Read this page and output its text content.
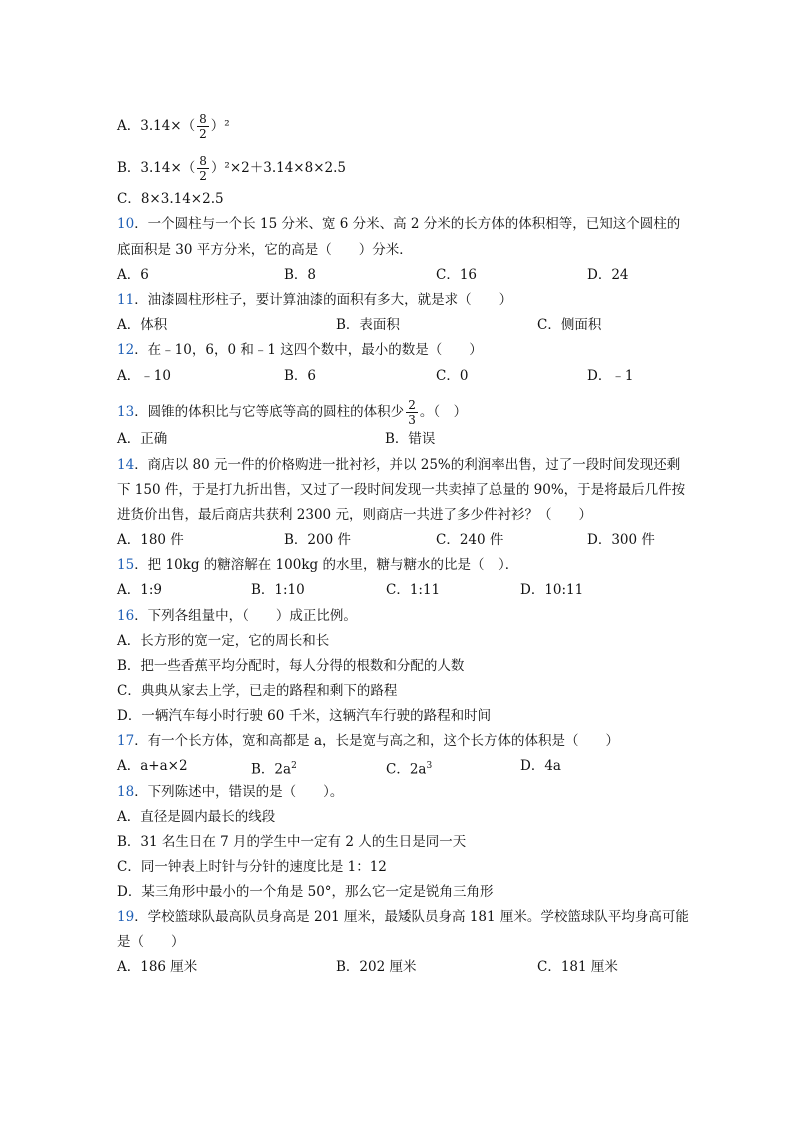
A．$3.14\times( \frac{8}{2} )^2$
B．$3.14\times( \frac{8}{2} )^2\times 2+3.14\times 8\times 2.5$
C．8×3.14×2.5
10．一个圆柱与一个长 15 分米、宽 6 分米、高 2 分米的长方体的体积相等，已知这个圆柱的
底面积是 30 平方分米，它的高是（　　）分米．
A．6	B．8	C．16	D．24
11．油漆圆柱形柱子，要计算油漆的面积有多大，就是求（　　）
A．体积	B．表面积	C．侧面积
12．在﹣10，6，0 和﹣1 这四个数中，最小的数是（　　）
A．﹣10	B．6	C．0	D．﹣1
13．圆锥的体积比与它等底等高的圆柱的体积少 $\frac{2}{3}$ 。（　）
A．正确	B．错误
14．商店以 80 元一件的价格购进一批衬衫，并以 25%的利润率出售，过了一段时间发现还剩
下 150 件，于是打九折出售，又过了一段时间发现一共卖掉了总量的 90%，于是将最后几件按
进货价出售，最后商店共获利 2300 元，则商店一共进了多少件衬衫？（　　）
A．180 件	B．200 件	C．240 件	D．300 件
15．把 10kg 的糖溶解在 100kg 的水里，糖与糖水的比是（　）．
A．1:9	B．1:10	C．1:11	D．10:11
16．下列各组量中，（　　）成正比例。
A．长方形的宽一定，它的周长和长
B．把一些香蕉平均分配时，每人分得的根数和分配的人数
C．典典从家去上学，已走的路程和剩下的路程
D．一辆汽车每小时行驶 60 千米，这辆汽车行驶的路程和时间
17．有一个长方体，宽和高都是 a，长是宽与高之和，这个长方体的体积是（　　）
A．a+a×2	B．$2a^2$	C．$2a^3$	D．4a
18．下列陈述中，错误的是（　　）。
A．直径是圆内最长的线段
B．31 名生日在 7 月的学生中一定有 2 人的生日是同一天
C．同一钟表上时针与分针的速度比是 1：12
D．某三角形中最小的一个角是 50°，那么它一定是锐角三角形
19．学校篮球队最高队员身高是 201 厘米，最矮队员身高 181 厘米。学校篮球队平均身高可能
是（　　）
A．186 厘米	B．202 厘米	C．181 厘米
